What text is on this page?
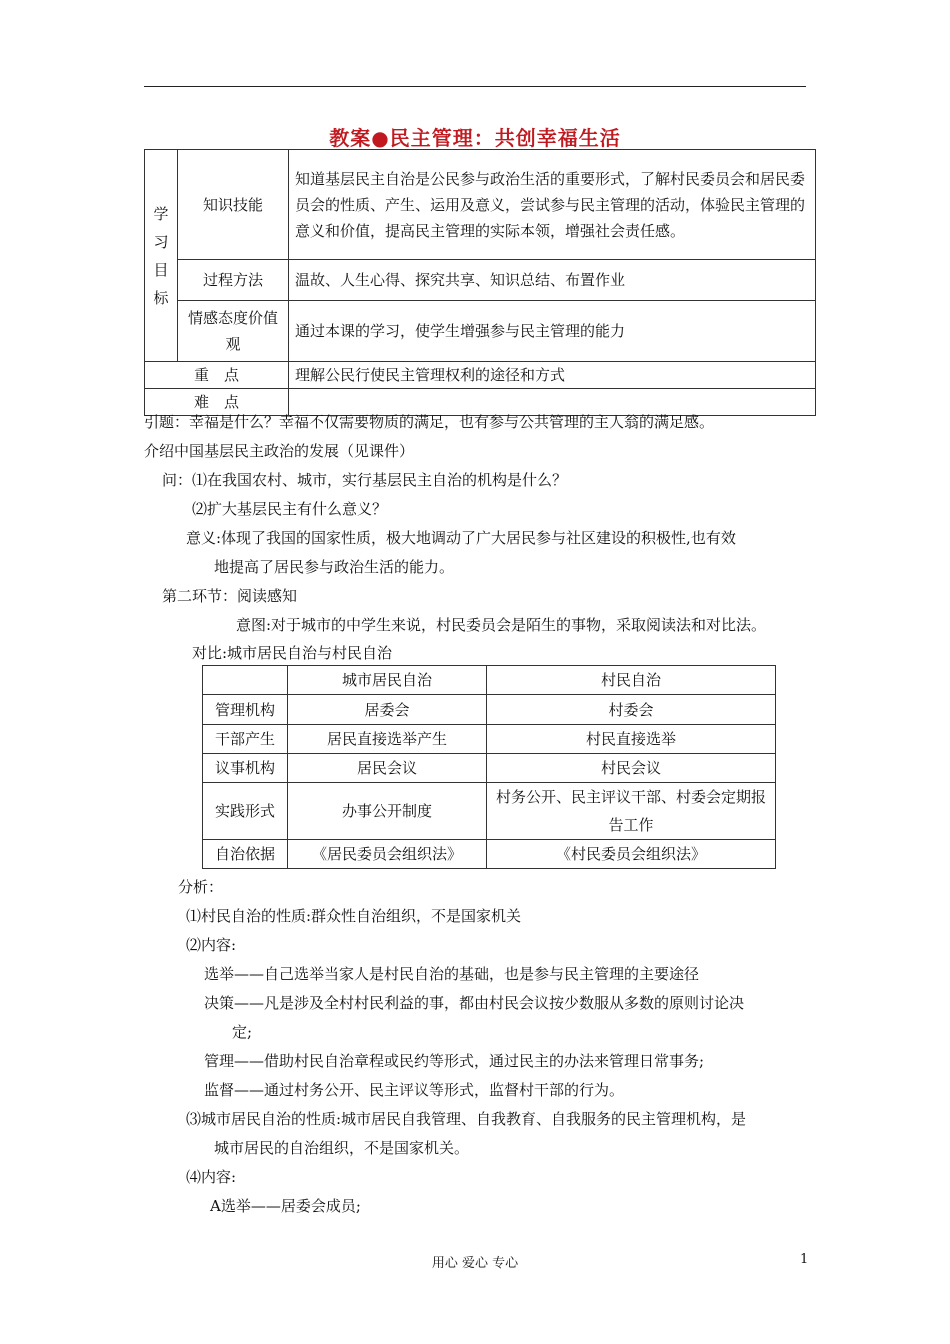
教案●民主管理：共创幸福生活
学习目标	知识技能	知道基层民主自治是公民参与政治生活的重要形式，了解村民委员会和居民委员会的性质、产生、运用及意义，尝试参与民主管理的活动，体验民主管理的意义和价值，提高民主管理的实际本领，增强社会责任感。
	过程方法	温故、人生心得、探究共享、知识总结、布置作业
	情感态度价值观	通过本课的学习，使学生增强参与民主管理的能力
重　点		理解公民行使民主管理权利的途径和方式
难　点		
引题：幸福是什么？幸福不仅需要物质的满足，也有参与公共管理的主人翁的满足感。
介绍中国基层民主政治的发展（见课件）
问：⑴在我国农村、城市，实行基层民主自治的机构是什么？
⑵扩大基层民主有什么意义？
意义:体现了我国的国家性质，极大地调动了广大居民参与社区建设的积极性,也有效
地提高了居民参与政治生活的能力。
第二环节：阅读感知
意图:对于城市的中学生来说，村民委员会是陌生的事物，采取阅读法和对比法。
对比:城市居民自治与村民自治
	城市居民自治	村民自治
管理机构	居委会	村委会
干部产生	居民直接选举产生	村民直接选举
议事机构	居民会议	村民会议
实践形式	办事公开制度	村务公开、民主评议干部、村委会定期报告工作
自治依据	《居民委员会组织法》	《村民委员会组织法》
分析：
⑴村民自治的性质:群众性自治组织，不是国家机关
⑵内容:
选举——自己选举当家人是村民自治的基础，也是参与民主管理的主要途径
决策——凡是涉及全村村民利益的事，都由村民会议按少数服从多数的原则讨论决
定;
管理——借助村民自治章程或民约等形式，通过民主的办法来管理日常事务;
监督——通过村务公开、民主评议等形式，监督村干部的行为。
⑶城市居民自治的性质:城市居民自我管理、自我教育、自我服务的民主管理机构，是
城市居民的自治组织，不是国家机关。
⑷内容:
A选举——居委会成员;
用心 爱心 专心	1
